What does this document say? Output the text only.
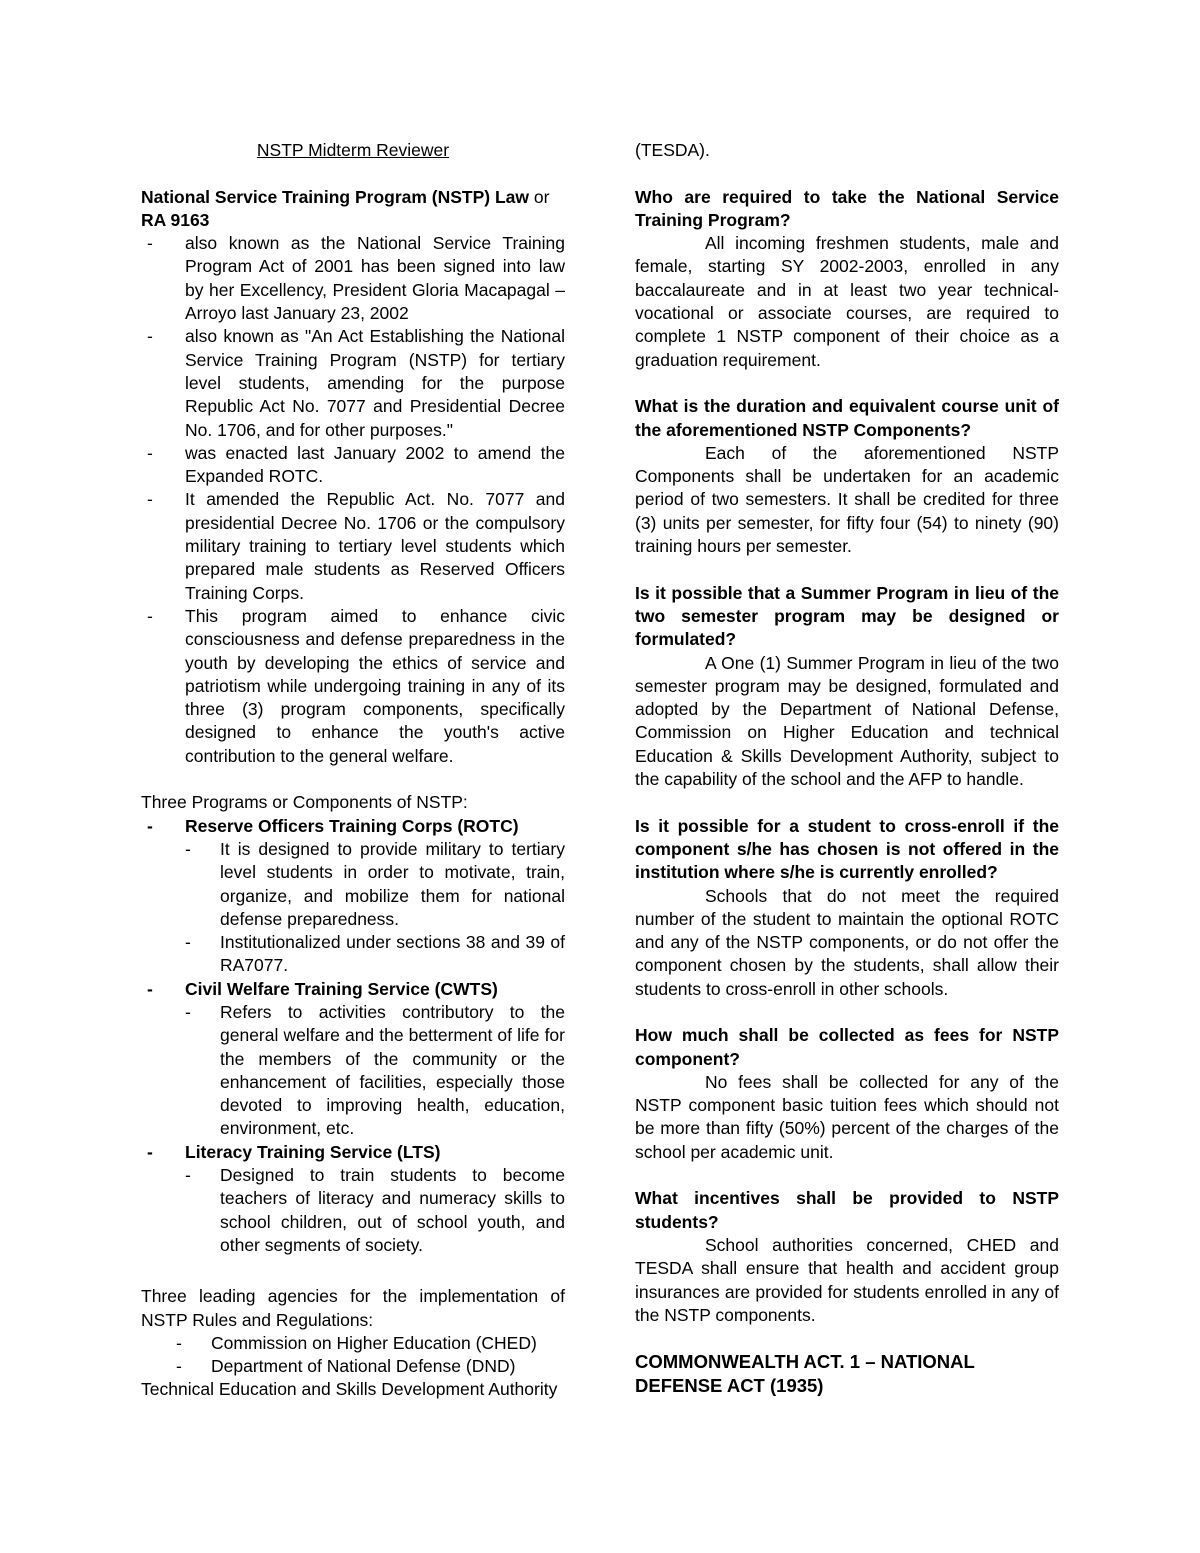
NSTP Midterm Reviewer

National Service Training Program (NSTP) Law or
RA 9163

- also known as the National Service Training Program Act of 2001 has been signed into law by her Excellency, President Gloria Macapagal – Arroyo last January 23, 2002
- also known as "An Act Establishing the National Service Training Program (NSTP) for tertiary level students, amending for the purpose Republic Act No. 7077 and Presidential Decree No. 1706, and for other purposes."
- was enacted last January 2002 to amend the Expanded ROTC.
- It amended the Republic Act. No. 7077 and presidential Decree No. 1706 or the compulsory military training to tertiary level students which prepared male students as Reserved Officers Training Corps.
- This program aimed to enhance civic consciousness and defense preparedness in the youth by developing the ethics of service and patriotism while undergoing training in any of its three (3) program components, specifically designed to enhance the youth's active contribution to the general welfare.

Three Programs or Components of NSTP:

- Reserve Officers Training Corps (ROTC)
- It is designed to provide military to tertiary level students in order to motivate, train, organize, and mobilize them for national defense preparedness.
- Institutionalized under sections 38 and 39 of RA7077.
- Civil Welfare Training Service (CWTS)
- Refers to activities contributory to the general welfare and the betterment of life for the members of the community or the enhancement of facilities, especially those devoted to improving health, education, environment, etc.
- Literacy Training Service (LTS)
- Designed to train students to become teachers of literacy and numeracy skills to school children, out of school youth, and other segments of society.

Three leading agencies for the implementation of NSTP Rules and Regulations:

- Commission on Higher Education (CHED)
- Department of National Defense (DND)

Technical Education and Skills Development Authority

(TESDA).

Who are required to take the National Service Training Program?

All incoming freshmen students, male and female, starting SY 2002-2003, enrolled in any baccalaureate and in at least two year technical-vocational or associate courses, are required to complete 1 NSTP component of their choice as a graduation requirement.

What is the duration and equivalent course unit of the aforementioned NSTP Components?

Each of the aforementioned NSTP Components shall be undertaken for an academic period of two semesters. It shall be credited for three (3) units per semester, for fifty four (54) to ninety (90) training hours per semester.

Is it possible that a Summer Program in lieu of the two semester program may be designed or formulated?

A One (1) Summer Program in lieu of the two semester program may be designed, formulated and adopted by the Department of National Defense, Commission on Higher Education and technical Education & Skills Development Authority, subject to the capability of the school and the AFP to handle.

Is it possible for a student to cross-enroll if the component s/he has chosen is not offered in the institution where s/he is currently enrolled?

Schools that do not meet the required number of the student to maintain the optional ROTC and any of the NSTP components, or do not offer the component chosen by the students, shall allow their students to cross-enroll in other schools.

How much shall be collected as fees for NSTP component?

No fees shall be collected for any of the NSTP component basic tuition fees which should not be more than fifty (50%) percent of the charges of the school per academic unit.

What incentives shall be provided to NSTP students?

School authorities concerned, CHED and TESDA shall ensure that health and accident group insurances are provided for students enrolled in any of the NSTP components.

COMMONWEALTH ACT. 1 – NATIONAL DEFENSE ACT (1935)
